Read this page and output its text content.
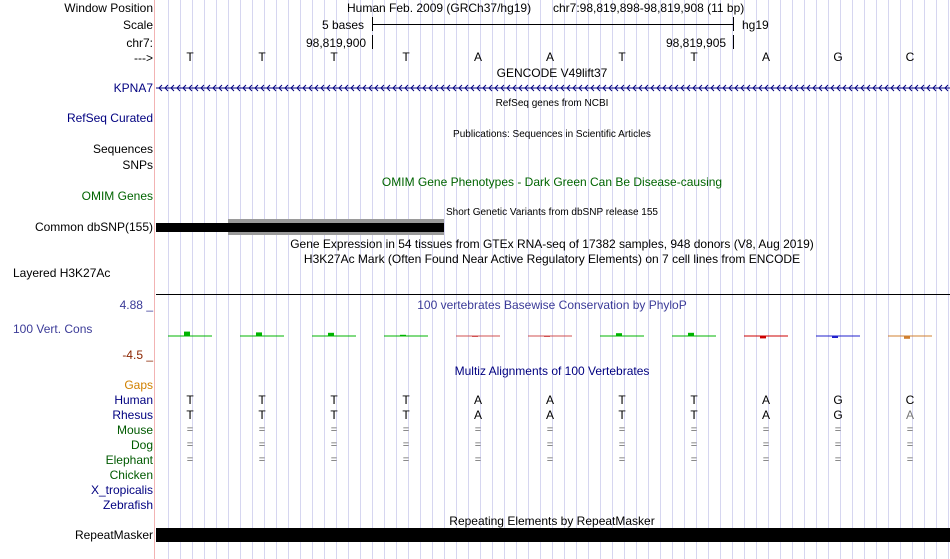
Window Position
Scale
chr7:
--->
Human Feb. 2009 (GRCh37/hg19) chr7:98,819,898-98,819,908 (11 bp)
5 bases	hg19
98,819,900	98,819,905
T	T	T	T	A	A	T	T	A	G	C
GENCODE V49lift37
KPNA7
RefSeq genes from NCBI
RefSeq Curated
Publications: Sequences in Scientific Articles
Sequences
SNPs
OMIM Gene Phenotypes - Dark Green Can Be Disease-causing
OMIM Genes
Short Genetic Variants from dbSNP release 155
Common dbSNP(155)
Gene Expression in 54 tissues from GTEx RNA-seq of 17382 samples, 948 donors (V8, Aug 2019)
H3K27Ac Mark (Often Found Near Active Regulatory Elements) on 7 cell lines from ENCODE
Layered H3K27Ac
100 vertebrates Basewise Conservation by PhyloP
4.88 _
100 Vert. Cons
-4.5 _
Multiz Alignments of 100 Vertebrates
Gaps
Human	T	T	T	T	A	A	T	T	A	G	C
Rhesus	T	T	T	T	A	A	T	T	A	G	A
Mouse	=	=	=	=	=	=	=	=	=	=	=
Dog	=	=	=	=	=	=	=	=	=	=	=
Elephant	=	=	=	=	=	=	=	=	=	=	=
Chicken
X_tropicalis
Zebrafish
Repeating Elements by RepeatMasker
RepeatMasker
